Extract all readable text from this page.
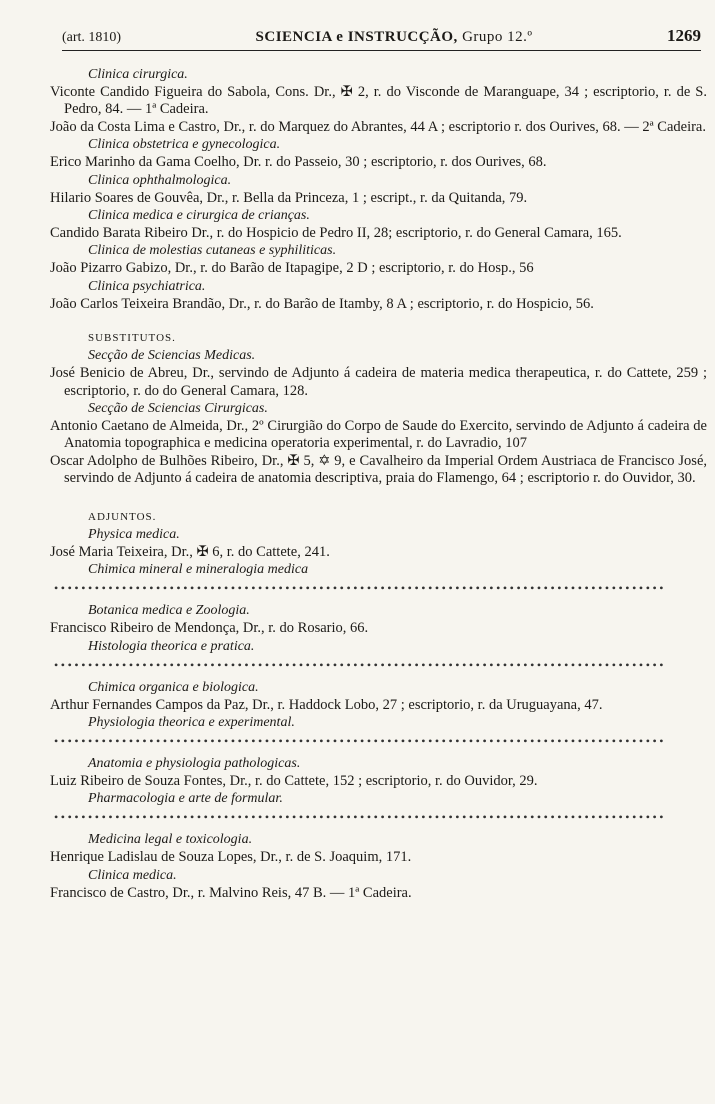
(art. 1810)	SCIENCIA e INSTRUCÇÃO, Grupo 12.º	1269
Clinica cirurgica.
Viconte Candido Figueira do Sabola, Cons. Dr., ✠ 2, r. do Visconde de Maranguape, 34 ; escriptorio, r. de S. Pedro, 84. — 1ª Cadeira.
João da Costa Lima e Castro, Dr., r. do Marquez do Abrantes, 44 A ; escriptorio r. dos Ourives, 68. — 2ª Cadeira.
Clinica obstetrica e gynecologica.
Erico Marinho da Gama Coelho, Dr. r. do Passeio, 30 ; escriptorio, r. dos Ourives, 68.
Clinica ophthalmologica.
Hilario Soares de Gouvêa, Dr., r. Bella da Princeza, 1 ; escript., r. da Quitanda, 79.
Clinica medica e cirurgica de crianças.
Candido Barata Ribeiro Dr., r. do Hospicio de Pedro II, 28; escriptorio, r. do General Camara, 165.
Clinica de molestias cutaneas e syphiliticas.
João Pizarro Gabizo, Dr., r. do Barão de Itapagipe, 2 D ; escriptorio, r. do Hosp., 56
Clinica psychiatrica.
João Carlos Teixeira Brandão, Dr., r. do Barão de Itamby, 8 A ; escriptorio, r. do Hospicio, 56.
SUBSTITUTOS.
Secção de Sciencias Medicas.
José Benicio de Abreu, Dr., servindo de Adjunto á cadeira de materia medica therapeutica, r. do Cattete, 259 ; escriptorio, r. do do General Camara, 128.
Secção de Sciencias Cirurgicas.
Antonio Caetano de Almeida, Dr., 2º Cirurgião do Corpo de Saude do Exercito, servindo de Adjunto á cadeira de Anatomia topographica e medicina operatoria experimental, r. do Lavradio, 107
Oscar Adolpho de Bulhões Ribeiro, Dr., ✠ 5, ✡ 9, e Cavalheiro da Imperial Ordem Austriaca de Francisco José, servindo de Adjunto á cadeira de anatomia descriptiva, praia do Flamengo, 64 ; escriptorio r. do Ouvidor, 30.
ADJUNTOS.
Physica medica.
José Maria Teixeira, Dr., ✠ 6, r. do Cattete, 241.
Chimica mineral e mineralogia medica
••••••••••••••••••••••••••••••••••••••••••••••••••••••••••••••••••••••••••••••••••••••••••
Botanica medica e Zoologia.
Francisco Ribeiro de Mendonça, Dr., r. do Rosario, 66.
Histologia theorica e pratica.
••••••••••••••••••••••••••••••••••••••••••••••••••••••••••••••••••••••••••••••••••••••••••
Chimica organica e biologica.
Arthur Fernandes Campos da Paz, Dr., r. Haddock Lobo, 27 ; escriptorio, r. da Uruguayana, 47.
Physiologia theorica e experimental.
••••••••••••••••••••••••••••••••••••••••••••••••••••••••••••••••••••••••••••••••••••••••••
Anatomia e physiologia pathologicas.
Luiz Ribeiro de Souza Fontes, Dr., r. do Cattete, 152 ; escriptorio, r. do Ouvidor, 29.
Pharmacologia e arte de formular.
••••••••••••••••••••••••••••••••••••••••••••••••••••••••••••••••••••••••••••••••••••••••••
Medicina legal e toxicologia.
Henrique Ladislau de Souza Lopes, Dr., r. de S. Joaquim, 171.
Clinica medica.
Francisco de Castro, Dr., r. Malvino Reis, 47 B. — 1ª Cadeira.
